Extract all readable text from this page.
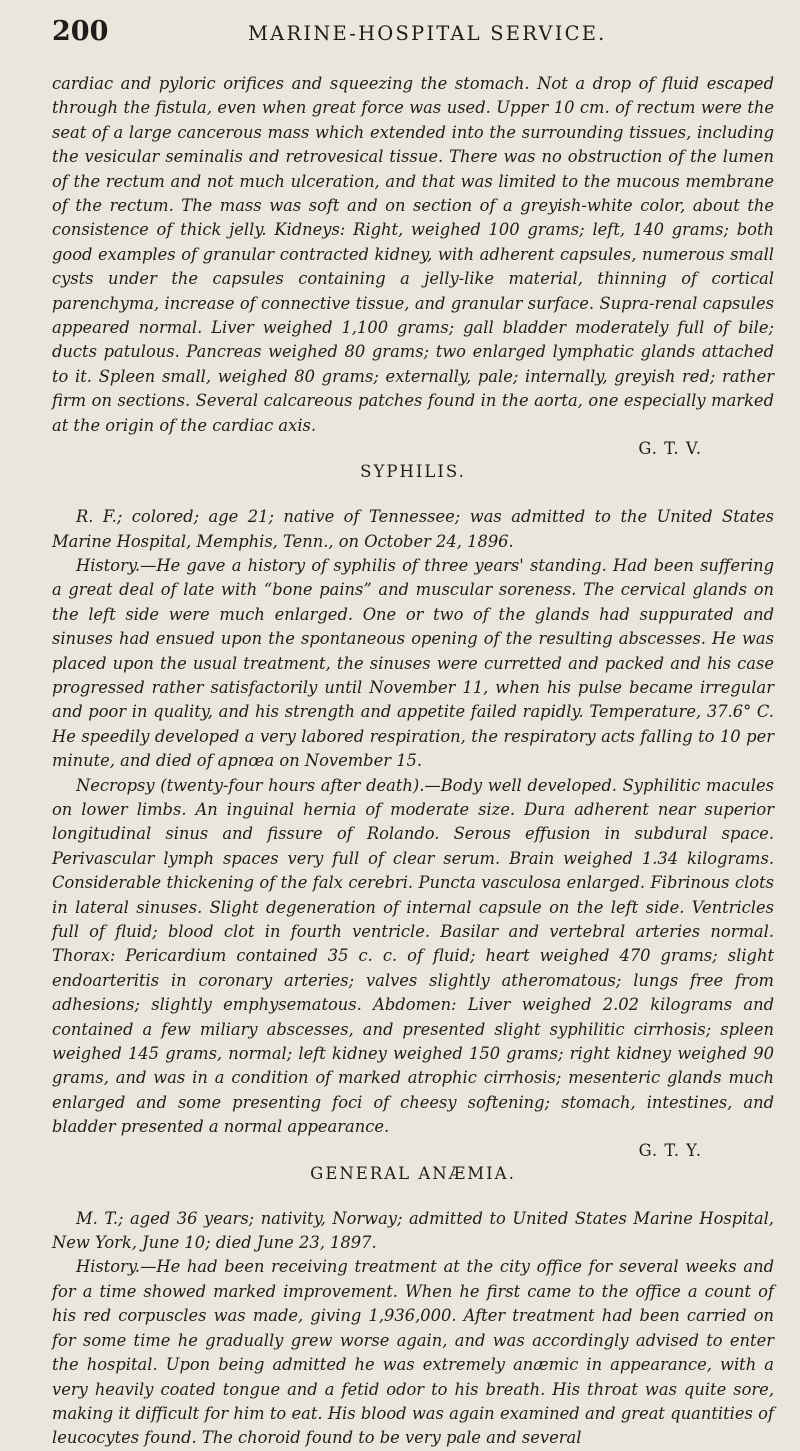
200	MARINE-HOSPITAL SERVICE.

cardiac and pyloric orifices and squeezing the stomach. Not a drop of fluid escaped through the fistula, even when great force was used. Upper 10 cm. of rectum were the seat of a large cancerous mass which extended into the surrounding tissues, including the vesicular seminalis and retrovesical tissue. There was no obstruction of the lumen of the rectum and not much ulceration, and that was limited to the mucous membrane of the rectum. The mass was soft and on section of a greyish-white color, about the consistence of thick jelly. Kidneys: Right, weighed 100 grams; left, 140 grams; both good examples of granular contracted kidney, with adherent capsules, numerous small cysts under the capsules containing a jelly-like material, thinning of cortical parenchyma, increase of connective tissue, and granular surface. Supra-renal capsules appeared normal. Liver weighed 1,100 grams; gall bladder moderately full of bile; ducts patulous. Pancreas weighed 80 grams; two enlarged lymphatic glands attached to it. Spleen small, weighed 80 grams; externally, pale; internally, greyish red; rather firm on sections. Several calcareous patches found in the aorta, one especially marked at the origin of the cardiac axis.

G. T. V.

SYPHILIS.

R. F.; colored; age 21; native of Tennessee; was admitted to the United States Marine Hospital, Memphis, Tenn., on October 24, 1896.

History.—He gave a history of syphilis of three years' standing. Had been suffering a great deal of late with “bone pains” and muscular soreness. The cervical glands on the left side were much enlarged. One or two of the glands had suppurated and sinuses had ensued upon the spontaneous opening of the resulting abscesses. He was placed upon the usual treatment, the sinuses were curretted and packed and his case progressed rather satisfactorily until November 11, when his pulse became irregular and poor in quality, and his strength and appetite failed rapidly. Temperature, 37.6° C. He speedily developed a very labored respiration, the respiratory acts falling to 10 per minute, and died of apnœa on November 15.

Necropsy (twenty-four hours after death).—Body well developed. Syphilitic macules on lower limbs. An inguinal hernia of moderate size. Dura adherent near superior longitudinal sinus and fissure of Rolando. Serous effusion in subdural space. Perivascular lymph spaces very full of clear serum. Brain weighed 1.34 kilograms. Considerable thickening of the falx cerebri. Puncta vasculosa enlarged. Fibrinous clots in lateral sinuses. Slight degeneration of internal capsule on the left side. Ventricles full of fluid; blood clot in fourth ventricle. Basilar and vertebral arteries normal. Thorax: Pericardium contained 35 c. c. of fluid; heart weighed 470 grams; slight endoarteritis in coronary arteries; valves slightly atheromatous; lungs free from adhesions; slightly emphysematous. Abdomen: Liver weighed 2.02 kilograms and contained a few miliary abscesses, and presented slight syphilitic cirrhosis; spleen weighed 145 grams, normal; left kidney weighed 150 grams; right kidney weighed 90 grams, and was in a condition of marked atrophic cirrhosis; mesenteric glands much enlarged and some presenting foci of cheesy softening; stomach, intestines, and bladder presented a normal appearance.

G. T. Y.

GENERAL ANÆMIA.

M. T.; aged 36 years; nativity, Norway; admitted to United States Marine Hospital, New York, June 10; died June 23, 1897.

History.—He had been receiving treatment at the city office for several weeks and for a time showed marked improvement. When he first came to the office a count of his red corpuscles was made, giving 1,936,000. After treatment had been carried on for some time he gradually grew worse again, and was accordingly advised to enter the hospital. Upon being admitted he was extremely anæmic in appearance, with a very heavily coated tongue and a fetid odor to his breath. His throat was quite sore, making it difficult for him to eat. His blood was again examined and great quantities of leucocytes found. The choroid found to be very pale and several
